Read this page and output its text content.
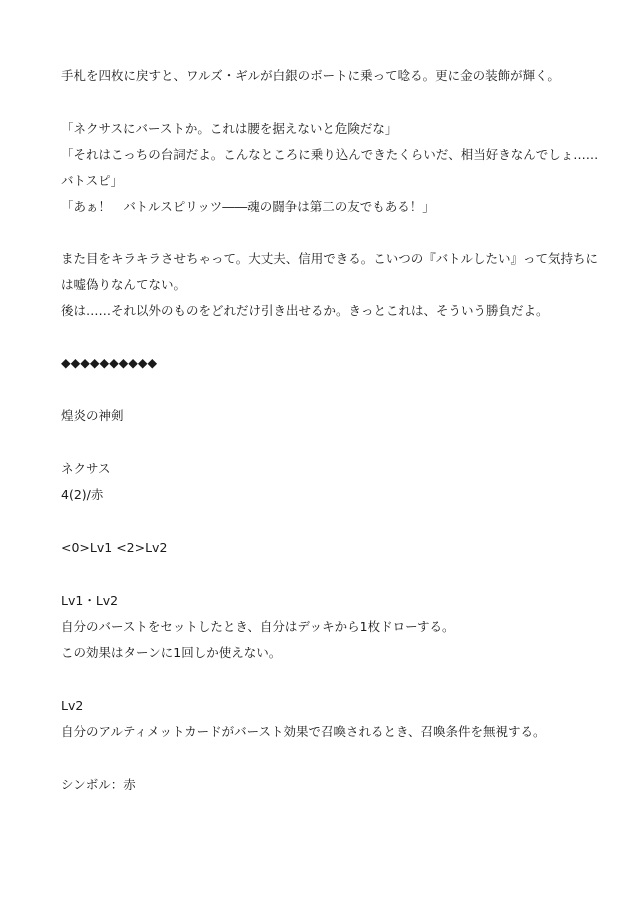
手札を四枚に戻すと、ワルズ・ギルが白銀のボートに乗って唸る。更に金の装飾が輝く。
「ネクサスにバーストか。これは腰を据えないと危険だな」
「それはこっちの台詞だよ。こんなところに乗り込んできたくらいだ、相当好きなんでしょ……
バトスピ」
「あぁ！　バトルスピリッツ――魂の闘争は第二の友でもある！」
また目をキラキラさせちゃって。大丈夫、信用できる。こいつの『バトルしたい』って気持ちに
は嘘偽りなんてない。
後は……それ以外のものをどれだけ引き出せるか。きっとこれは、そういう勝負だよ。
◆◆◆◆◆◆◆◆◆◆
煌炎の神剣
ネクサス
4(2)/赤
<0>Lv1 <2>Lv2
Lv1・Lv2
自分のバーストをセットしたとき、自分はデッキから1枚ドローする。
この効果はターンに1回しか使えない。
Lv2
自分のアルティメットカードがバースト効果で召喚されるとき、召喚条件を無視する。
シンボル：赤
